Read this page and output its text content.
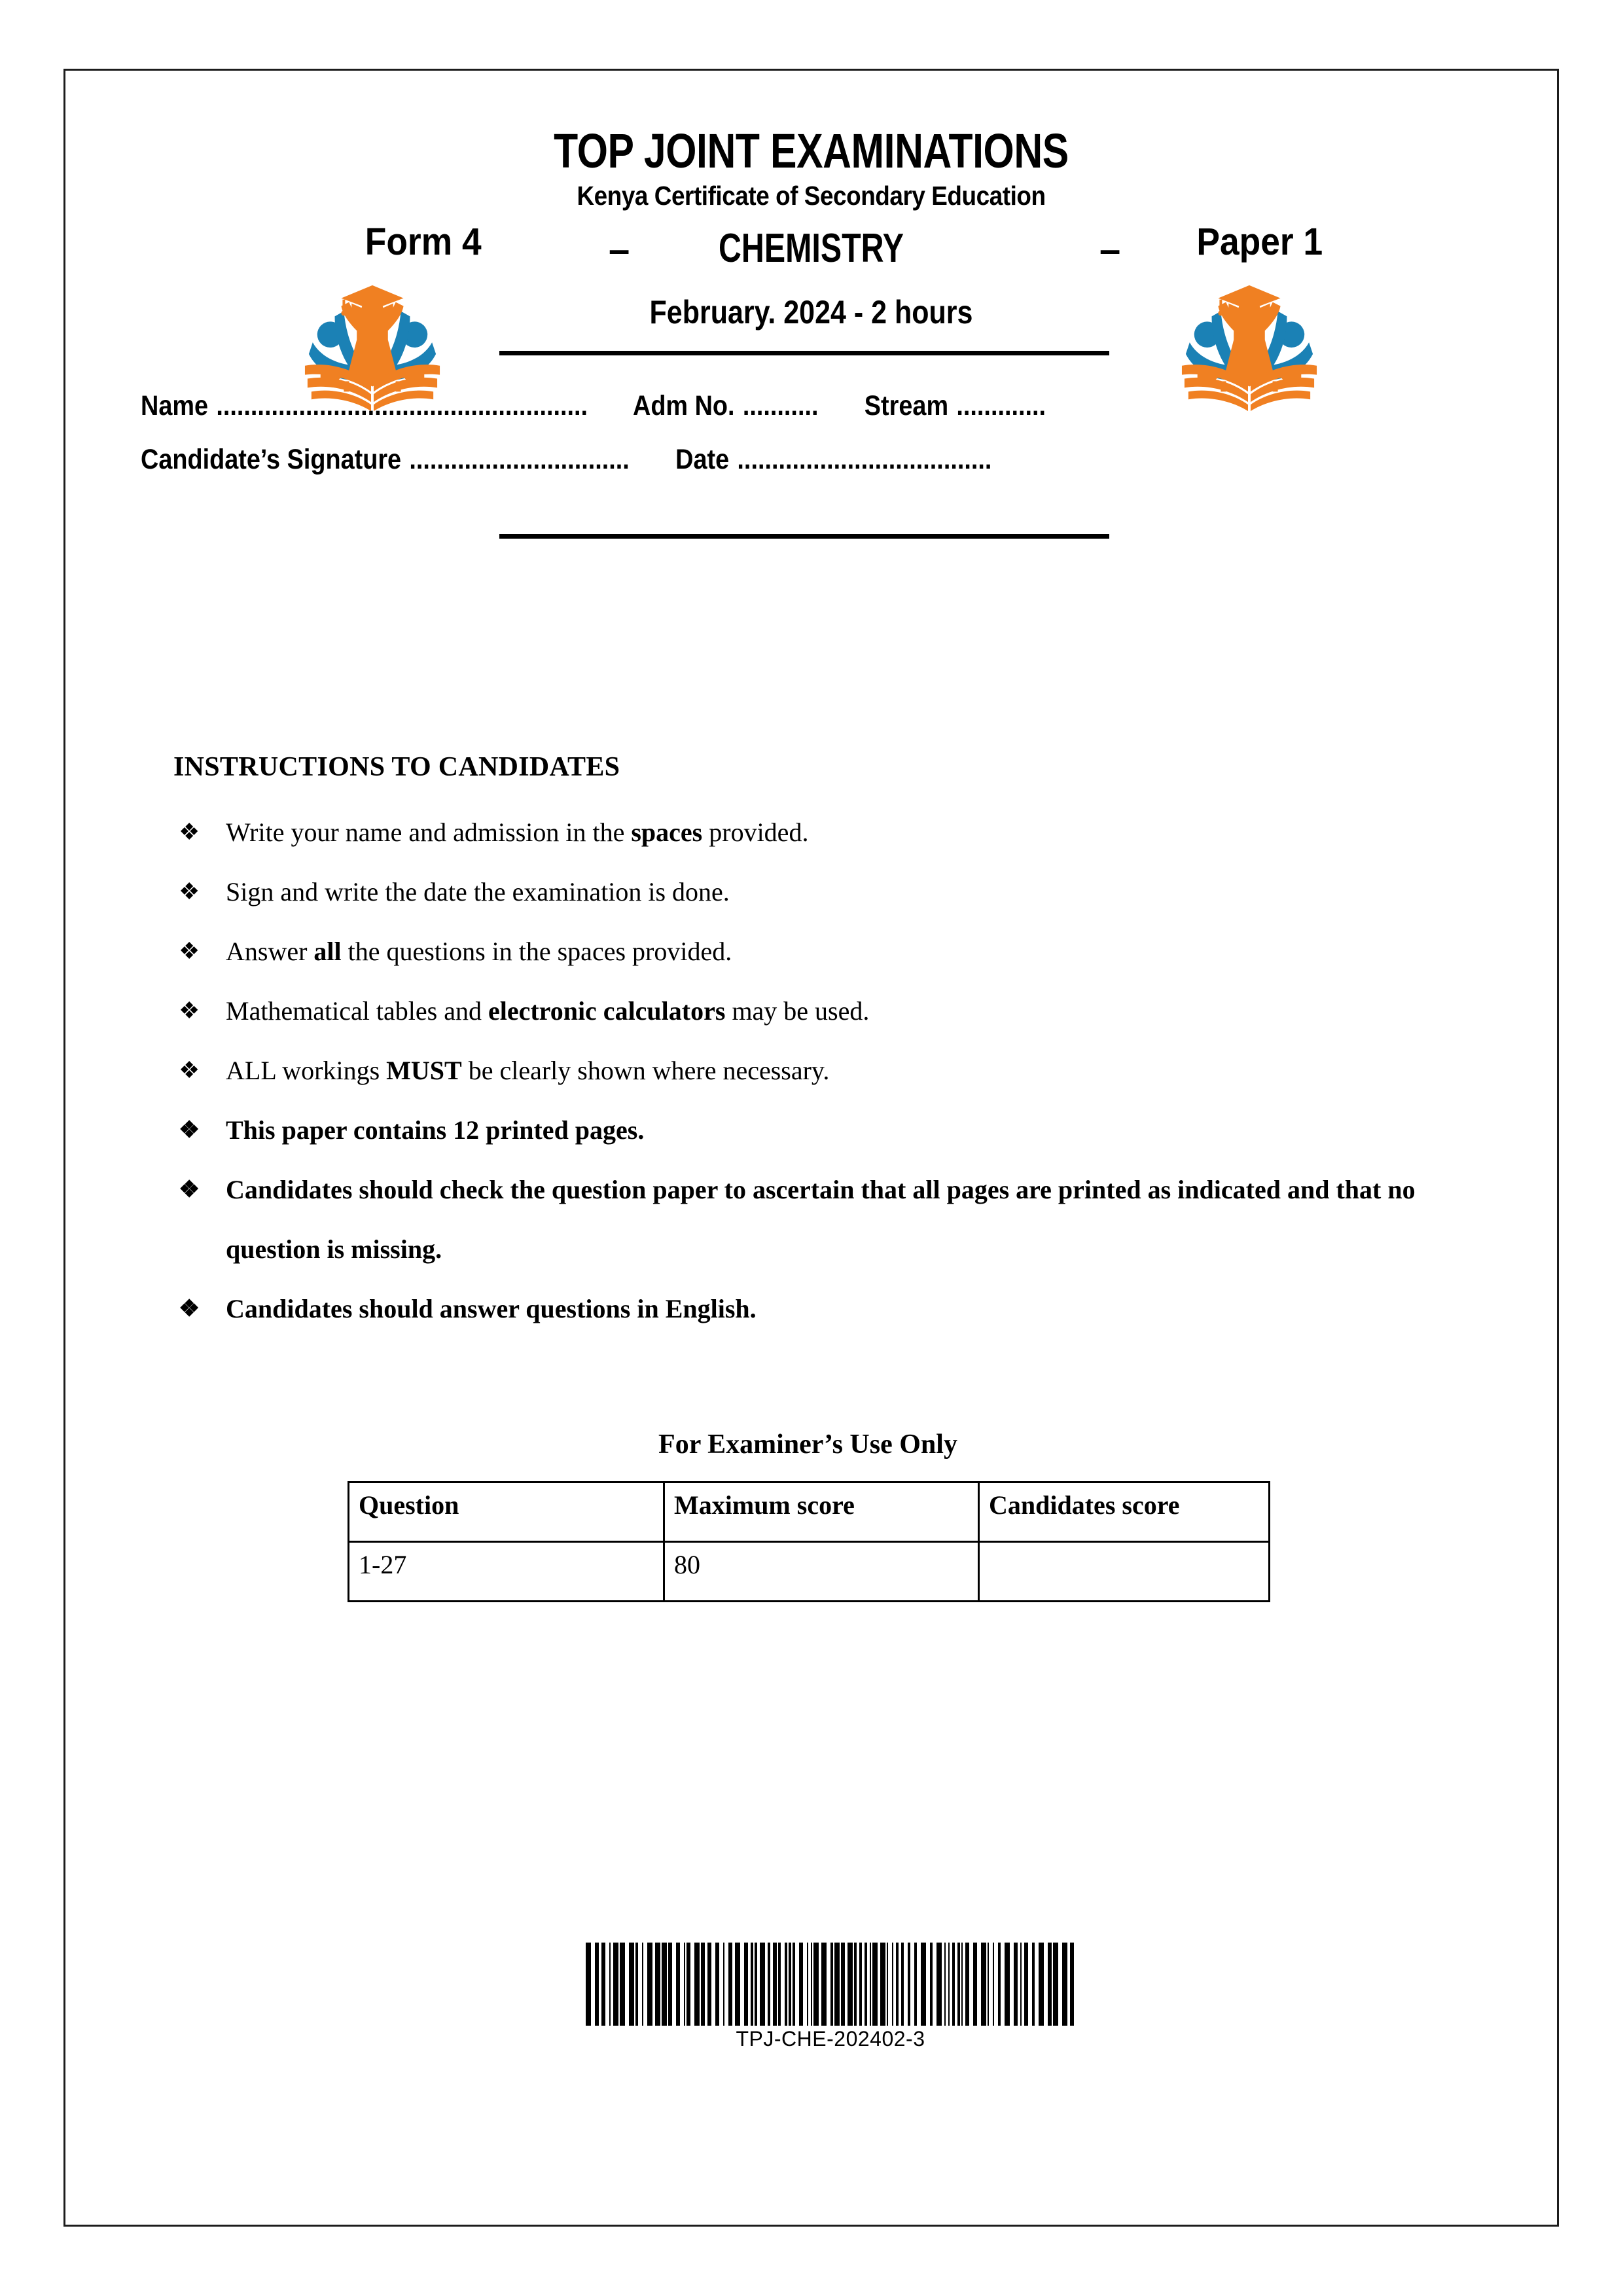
TOP JOINT EXAMINATIONS
Kenya Certificate of Secondary Education
Form 4	–	CHEMISTRY	– Paper 1
February. 2024 - 2 hours
Name ...................................................... Adm No. ........... Stream .............
Candidate’s Signature ................................ Date .....................................
INSTRUCTIONS TO CANDIDATES
❖ Write your name and admission in the spaces provided.
❖ Sign and write the date the examination is done.
❖ Answer all the questions in the spaces provided.
❖ Mathematical tables and electronic calculators may be used.
❖ ALL workings MUST be clearly shown where necessary.
❖ This paper contains 12 printed pages.
❖ Candidates should check the question paper to ascertain that all pages are printed as indicated and that no question is missing.
❖ Candidates should answer questions in English.
For Examiner’s Use Only
Question	Maximum score	Candidates score
1-27	80	
TPJ-CHE-202402-3
